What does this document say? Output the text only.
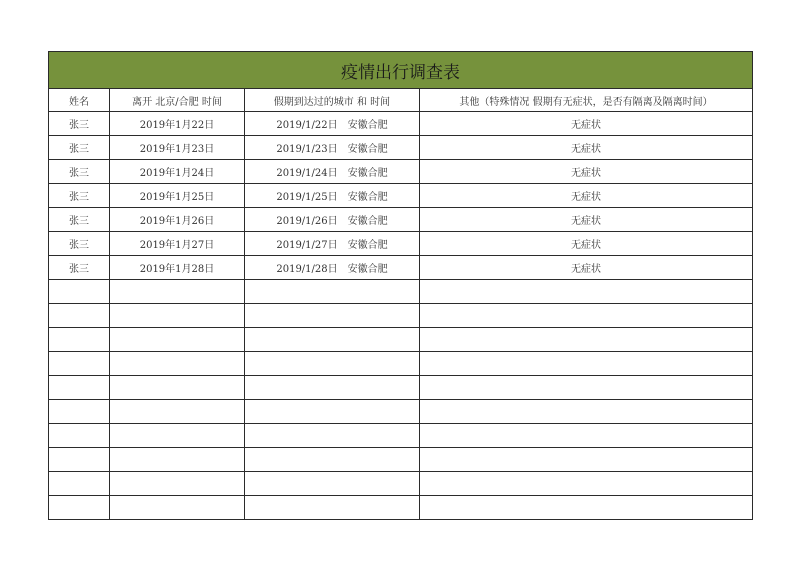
疫情出行调查表			
姓名	离开 北京/合肥 时间	假期到达过的城市 和 时间	其他（特殊情况 假期有无症状，是否有隔离及隔离时间）
张三	2019年1月22日	2019/1/22日　安徽合肥	无症状
张三	2019年1月23日	2019/1/23日　安徽合肥	无症状
张三	2019年1月24日	2019/1/24日　安徽合肥	无症状
张三	2019年1月25日	2019/1/25日　安徽合肥	无症状
张三	2019年1月26日	2019/1/26日　安徽合肥	无症状
张三	2019年1月27日	2019/1/27日　安徽合肥	无症状
张三	2019年1月28日	2019/1/28日　安徽合肥	无症状
